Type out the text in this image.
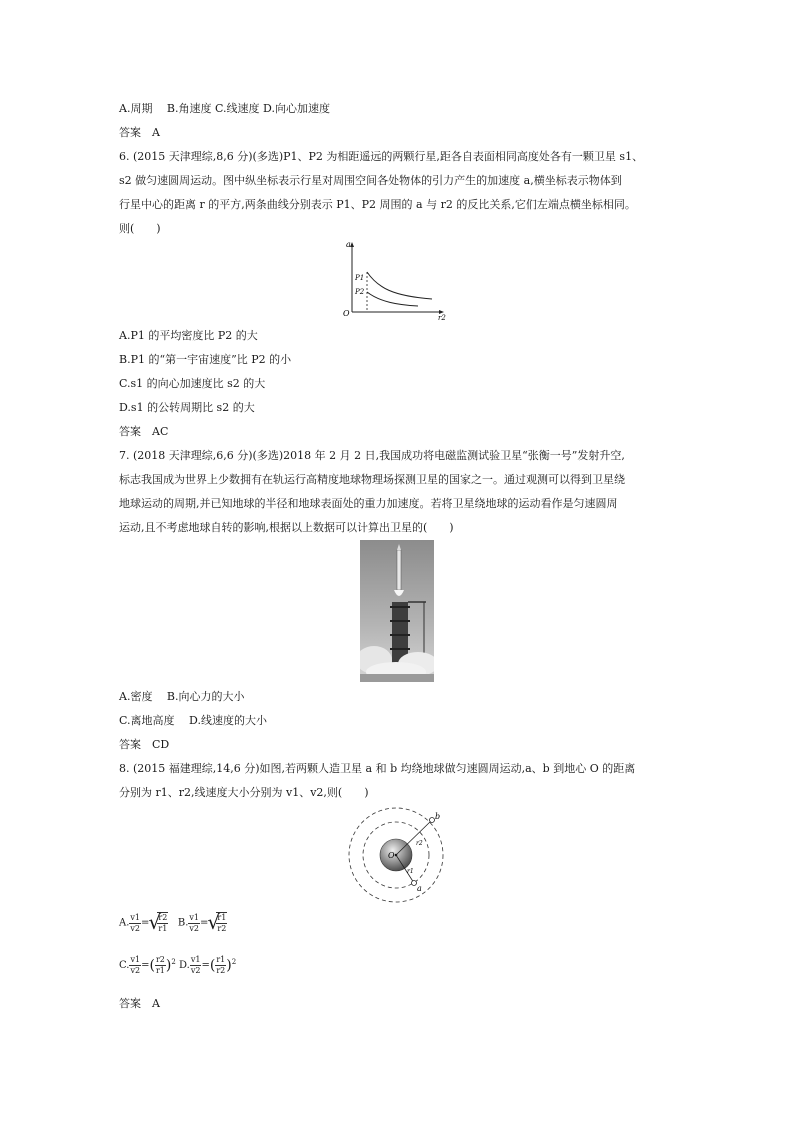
A.周期　 B.角速度 C.线速度 D.向心加速度
答案　A
6. (2015 天津理综,8,6 分)(多选)P1、P2 为相距遥远的两颗行星,距各自表面相同高度处各有一颗卫星 s1、
s2 做匀速圆周运动。图中纵坐标表示行星对周围空间各处物体的引力产生的加速度 a,横坐标表示物体到
行星中心的距离 r 的平方,两条曲线分别表示 P1、P2 周围的 a 与 r2 的反比关系,它们左端点横坐标相同。
则(　　)
a
r2
O
P1
P2
A.P1 的平均密度比 P2 的大
B.P1 的“第一宇宙速度”比 P2 的小
C.s1 的向心加速度比 s2 的大
D.s1 的公转周期比 s2 的大
答案　AC
7. (2018 天津理综,6,6 分)(多选)2018 年 2 月 2 日,我国成功将电磁监测试验卫星“张衡一号”发射升空,
标志我国成为世界上少数拥有在轨运行高精度地球物理场探测卫星的国家之一。通过观测可以得到卫星绕
地球运动的周期,并已知地球的半径和地球表面处的重力加速度。若将卫星绕地球的运动看作是匀速圆周
运动,且不考虑地球自转的影响,根据以上数据可以计算出卫星的(　　)
A.密度　 B.向心力的大小
C.离地高度　 D.线速度的大小
答案　CD
8. (2015 福建理综,14,6 分)如图,若两颗人造卫星 a 和 b 均绕地球做匀速圆周运动,a、b 到地心 O 的距离
分别为 r1、r2,线速度大小分别为 v1、v2,则(　　)
O
b
a
r2
r1
A. $\frac{v1}{v2}$ = √ $\frac{r2}{r1} B$. $\frac{v1}{v2}$ = √ $\frac{r1}{r2}$
C. $\frac{v1}{v2}$ =( $\frac{r2}{r1} )^2$ D. $\frac{v1}{v2}$ =( $\frac{r1}{r2} )^2$
答案　A
